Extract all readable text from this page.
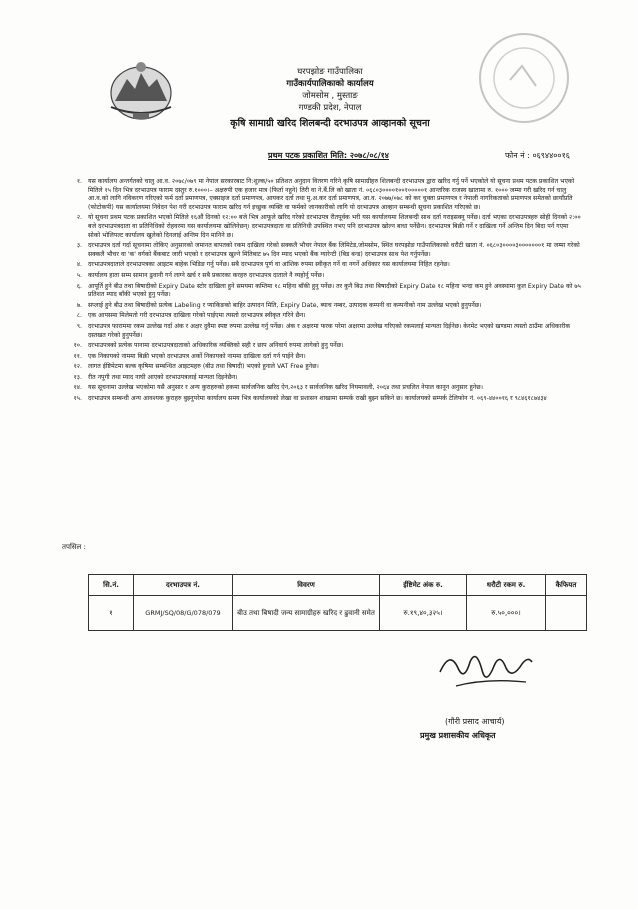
घरपझोङ गाउँपालिका
गाउँकार्यपालिकाको कार्यालय
जोमसोम , मुस्ताङ
गण्डकी प्रदेश, नेपाल
कृषि सामाग्री खरिद शिलबन्दी दरभाउपत्र आव्हानको सूचना
प्रथम पटक प्रकाशित मिति: २०७८/०८/१४	फोन नं : ०६९४४००१६
१. यस कार्यालय अन्तर्गतको चालु आ.व. २०७८/०७९ मा नेपाल सरकारबाट नि:शुल्क/५० प्रतिशत अनुदान वितरण गरिने कृषि सामाग्रीहरु शिलबन्दी दरभाउपत्र द्वारा खरिद गर्नु पर्ने भएकोले यो सूचना प्रथम पटक प्रकाशित भएको मितिले १५ दिन भित्र दरभाउपत्र फाराम दस्तुर रु.१०००।– अक्षरुपी एक हजार मात्र (फिर्ता नहुने) तिरी वा ने.बैं.लि को खाता नं. ०६८०३००००१००१०००००१ आन्तरिक राजस्व खातामा रु. १००० जम्मा गरी खरिद गर्न चालु आ.व.को लागि नविकरण गरिएको फर्म दर्ता प्रमाणपत्र, एक्साइज दर्ता प्रमाणपत्र, आयकर दर्ता तथा मु.अ.कर दर्ता प्रमाणपत्र, आ.व. २०७७/०७८ को कर चुक्ता प्रमाणपत्र र नेपाली नागरिकताको प्रमाणपत्र समेतको छायाँप्रति (फोटोकपी) यस कार्यालयमा निवेदन पेश गरी दरभाउपत्र फाराम खरिद गर्न इच्छुक व्यक्ति वा फर्मको जानकारीको लागि यो दरभाउपत्र आव्हान सम्बन्धी सूचना प्रकाशित गरिएको छ।
२. यो सूचना प्रथम पटक प्रकाशित भएको मितिले १६औं दिनको १२:०० बजे भित्र आफूले खरिद गरेको दरभाउपत्र रीतपूर्वक भरी यस कार्यालयमा शिलबन्दी साथ दर्ता गराइसक्नु पर्नेछ। दर्ता भएका दरभाउपत्रहरु सोही दिनको २:०० बजे दरभाउपत्रदाता वा प्रतिनिधिको रोहवरमा यस कार्यालयमा खोलिनेछन्। दरभाउपत्रदाता वा प्रतिनिधी उपस्थित नभए पनि दरभाउपत्र खोल्न बाधा पर्नेछैन। दरभाउपत्र बिक्री गर्ने र दाखिला गर्ने अन्तिम दिन बिदा पर्न गएमा सोको भोलिपल्ट कार्यालय खुलेको दिनलाई अन्तिम दिन मानिने छ।
३. दरभाउपत्र दर्ता गर्दा सूचनामा तोकिए अनुसारको जमानत बापतको रकम दाखिला गरेको सक्कलै भौचर नेपाल बैंक लिमिटेड,जोमसोम, स्थित घरपझोङ गाउँपालिकाको धरौटी खाता नं. ०६८०३००००३०००००००१ मा जम्मा गरेको सक्कलै भौचर वा 'क' वर्गको बैंकबाट जारी भएको र दरभाउपत्र खुल्ने मितिबाट ७५ दिन म्याद भएको बैंक ग्यारेन्टी (बिड बन्ड) दरभाउपत्र साथ पेश गर्नुपर्नेछ।
४. दरभाउपत्रदाताले दरभाउपत्रका आइटम बाहेक भिडिङ गर्नु पर्नेछ। सबै दरभाउपत्र पूर्ण वा आंशिक रुपमा स्वीकृत गर्ने वा नगर्ने अधिकार यस कार्यालयमा निहित रहनेछ।
५. कार्यालय हाता सम्म सामान ढुवानी गर्न लाग्ने खर्च र सबै प्रकारका करहरु दरभाउपत्र दाताले नै व्यहोर्नु पर्नेछ।
६. आपूर्ति हुने बीउ तथा बिषादीको Expiry Date स्टोर दाखिला हुने समयमा कम्तिमा १८ महिना बाँकी हुनु पर्नेछ। तर कुनै बिउ तथा बिषादीको Expiry Date १८ महिना भन्दा कम हुने अवस्थामा कुल Expiry Date को ७५ प्रतिशत म्याद बाँकी भएको हुनु पर्नेछ।
७. सप्लाई हुने बीउ तथा बिषादीको प्रत्येक Labeling र प्याकिङको बाहिर उत्पादन मिति, Expiry Date, ब्याच नम्बर, उत्पादक कम्पनी वा कम्पनीको नाम उल्लेख भएको हुनुपर्नेछ।
८. एक आपसमा मिलेमतो गरी दरभाउपत्र दाखिला गरेको पाईएमा त्यस्तो दरभाउपत्र स्वीकृत गरिने छैन।
९. दरभाउपत्र फाराममा रकम उल्लेख गर्दा अंक र अक्षर दुवैमा स्पष्ट रुपमा उल्लेख गर्नु पर्नेछ। अंक र अक्षरमा फरक परेमा अक्षरमा उल्लेख गरिएको रकमलाई मान्यता दिईनेछ। केरमेट भएको खण्डमा त्यस्तो ठाउँमा अधिकारीक दस्तखत गरेको हुनुपर्नेछ।
१०. दरभाउपत्रको प्रत्येक पानामा दरभाउपत्रदाताको अधिकारिक व्यक्तिको सही र छाप अनिवार्य रुपमा लागेको हुनु पर्नेछ।
११. एक निकायको नाममा बिक्री भएको दरभाउपत्र अर्को निकायको नाममा दाखिला दर्ता गर्न पाईने छैन।
१२. लागत ईष्टिमेटमा बल्क कृषिमा सम्बन्धित आइटमहरु (बीउ तथा बिषादी) भएको हुनाले VAT Free हुनेछ।
१३. रीत नपुगी तथा म्याद नाघी आएको दरभाउपत्रलाई मान्यता दिइनेछैन।
१४. यस सूचनामा उल्लेख भएकोमा यसै अनुसार र अन्य कुराहरुको हकमा सार्वजनिक खरिद ऐन,२०६३ र सार्वजनिक खरिद नियमावली, २०६४ तथा प्रचलित नेपाल कानून अनुसार हुनेछ।
१५. दरभाउपत्र सम्बन्धी अन्य आवश्यक कुराहरु बुझ्नुपरेमा कार्यालय समय भित्र कार्यालयको लेखा वा प्रशासन शाखामा सम्पर्क राखी बुझ्न सकिने छ। कार्यालयको सम्पर्क टेलिफोन नं. ०६९-४४००१६ र ९८४६१८७४३४
तपसिल :
सि.नं.	दरभाउपत्र नं.	विवरण	ईष्टिमेट अंक रु.	धरौटी रकम रु.	कैफियत
१	GRMJ/SQ/08/G/078/079	बीउ तथा बिषादी जन्य सामाग्रीहरु खरिद र ढुवानी समेत	रु.१९,४०,३२५।	रु.५०,०००।	
(गौरी प्रसाद आचार्य)
प्रमुख प्रशासकीय अधिकृत
